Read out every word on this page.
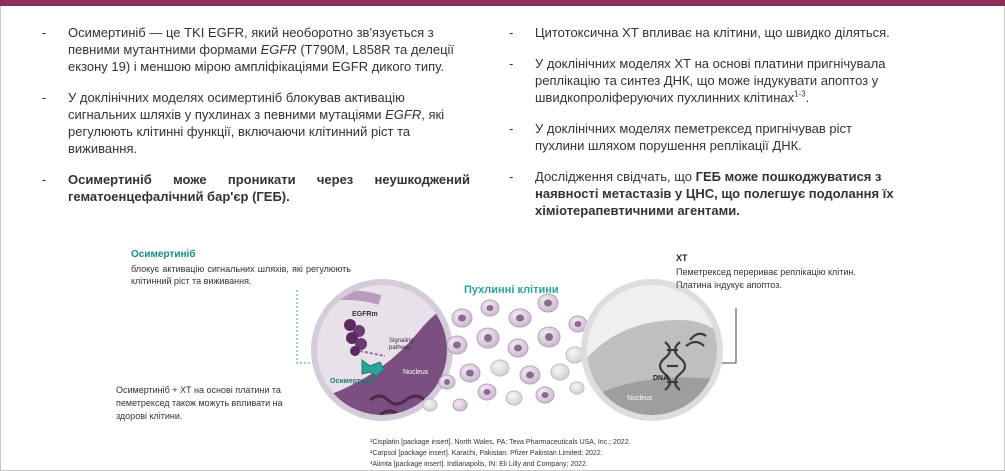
- Осимертиніб — це TKI EGFR, який необоротно зв'язується з певними мутантними формами EGFR (T790M, L858R та делеції екзону 19) і меншою мірою ампліфікаціями EGFR дикого типу.
- У доклінічних моделях осимертиніб блокував активацію сигнальних шляхів у пухлинах з певними мутаціями EGFR, які регулюють клітинні функції, включаючи клітинний ріст та виживання.
- Осимертиніб може проникати через неушкоджений гематоенцефалічний бар'єр (ГЕБ).
- Цитотоксична ХТ впливає на клітини, що швидко діляться.
- У доклінічних моделях ХТ на основі платини пригнічувала реплікацію та синтез ДНК, що може індукувати апоптоз у швидкопроліферуючих пухлинних клітинах$^{1-3}$.
- У доклінічних моделях пеметрексед пригнічував ріст пухлини шляхом порушення реплікації ДНК.
- Дослідження свідчать, що ГЕБ може пошкоджуватися з наявності метастазів у ЦНС, що полегшує подолання їх хіміотерапевтичними агентами.
EGFRm
Signaling
pathway
Осимертиніб
Nucleus
DNA
Nucleus
Осимертиніб
блокує активацію сигнальних шляхів, які регулюють клітинний ріст та виживання.
ХТ
Пеметрексед перериває реплікацію клітин.
Платина індукує апоптоз.
Пухлинні клітини
Осимертиніб + ХТ на основі платини та пеметрексед також можуть впливати на здорові клітини.
¹Cisplatin [package insert]. North Wales, PA: Teva Pharmaceuticals USA, Inc.; 2022.
²Carpsol [package insert]. Karachi, Pakistan: Pfizer Pakistan Limited; 2022.
³Alimta [package insert]. Indianapolis, IN: Eli Lilly and Company; 2022.
